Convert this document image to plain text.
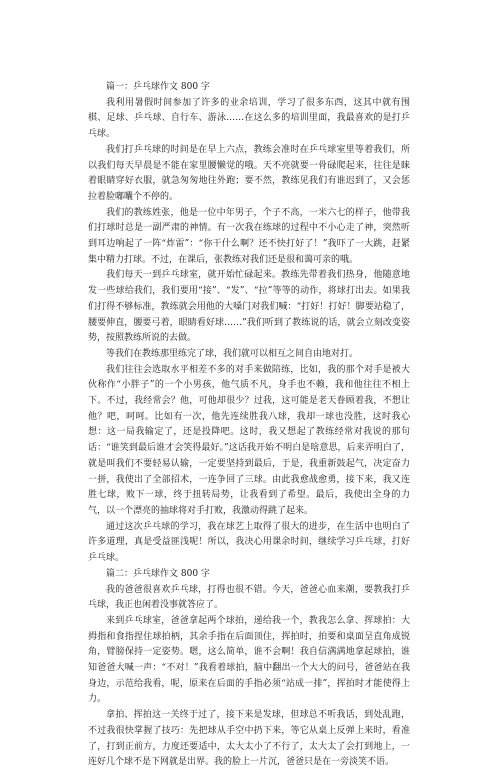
篇一：乒乓球作文 800 字

我利用暑假时间参加了许多的业余培训，学习了很多东西，这其中就有围棋、足球、乒乓球、自行车、游泳……在这么多的培训里面，我最喜欢的是打乒乓球。

我们打乒乓球的时间是在早上六点，教练会准时在乒乓球室里等着我们，所以我们每天早晨是不能在家里腰懒觉的哦。天不亮就要一骨碌爬起来，往往是睐着眼睛穿好衣服，就急匆匆地往外跑；要不然，教练见我们有谁迟到了，又会惩拉着脸嘟囔个不停的。

我们的教练姓张，他是一位中年男子，个子不高，一米六七的样子，他带我们打球时总是一副严肃的神情。有一次我在练球的过程中不小心走了神，突然听到耳边响起了一阵“炸雷”：“你干什么啊？还不快打好了！”我吓了一大跳，赶紧集中精力打球。不过，在课后，张教练对我们还是很和蔼可亲的哦。

我们每天一到乒乓球室，就开始忙碌起来。教练先带着我们热身，他随意地发一些球给我们，我们要用“接”、“发”、“拉”等等的动作，将球打出去。如果我们打得不够标准，教练就会用他的大嗓门对我们喊：“打好！打好！脚要站稳了，腰要伸直，腰要弓着，眼睛看好球……”我们听到了教练说的话，就会立刻改变姿势，按照教练所说的去做。

等我们在教练那里练完了球，我们就可以相互之间自由地对打。

我们往往会选取水平相差不多的对手来做陪练，比如，我的那个对手是被大伙称作“小胖子”的一个小男孩，他气质不凡，身手也不赖，我和他往往不相上下。不过，我经常会？他，可他却很少？过我，这可能是老天眷顾着我，不想让他？吧，呵呵。比如有一次，他先连续胜我八球，我却一球也没胜，这时我心想：这一局我输定了，还是投降吧。这时，我又想起了教练经常对我说的那句话：“谁笑到最后谁才会笑得最好。”这话我开始不明白是啥意思，后来弄明白了，就是叫我们不要轻易认输，一定要坚持到最后，于是，我重新鼓起气，决定奋力一拼，我使出了全部招术，一连争回了三球。由此我愈战愈勇，接下来，我又连胜七球，败下一球，终于扭转局势，让我看到了希望。最后，我使出全身的力气，以一个漂亮的抽球将对手打败，我激动得跳了起来。

通过这次乒乓球的学习，我在球艺上取得了很大的进步，在生活中也明白了许多道理，真是受益匪浅呢！所以，我决心用课余时间，继续学习乒乓球，打好乒乓球。

篇二：乒乓球作文 800 字

我的爸爸很喜欢乒乓球，打得也很不错。今天，爸爸心血来潮，要教我打乒乓球，我正也闲着没事就答应了。

来到乒乓球室，爸爸拿起两个球拍，递给我一个，教我怎么拿、挥球拍：大拇指和食指捏住球拍柄，其余手指在后面顶住，挥拍时，拍要和桌面呈直角成锐角，臂膀保持一定姿势。嗯，这么简单，谁不会啊！我自信满满地拿起球拍，谁知爸爸大喊一声：“不对！”我看着球拍，脑中翻出一个大大的问号，爸爸站在我身边，示范给我看，呢，原来在后面的手指必须“站成一排”，挥拍时才能使得上力。

拿拍、挥拍这一关终于过了，接下来是发球，但球总不听我话，到处乱跑，不过我很快掌握了技巧：先把球从手空中扔下来，等它从桌上反弹上来时，看准了，打到正前方，力度还要适中，太大太小了不行了，太大太了会打到地上，一连好几个球不是下网就是出界。我的脸上一片沉，爸爸只是在一旁淡笑不语。
